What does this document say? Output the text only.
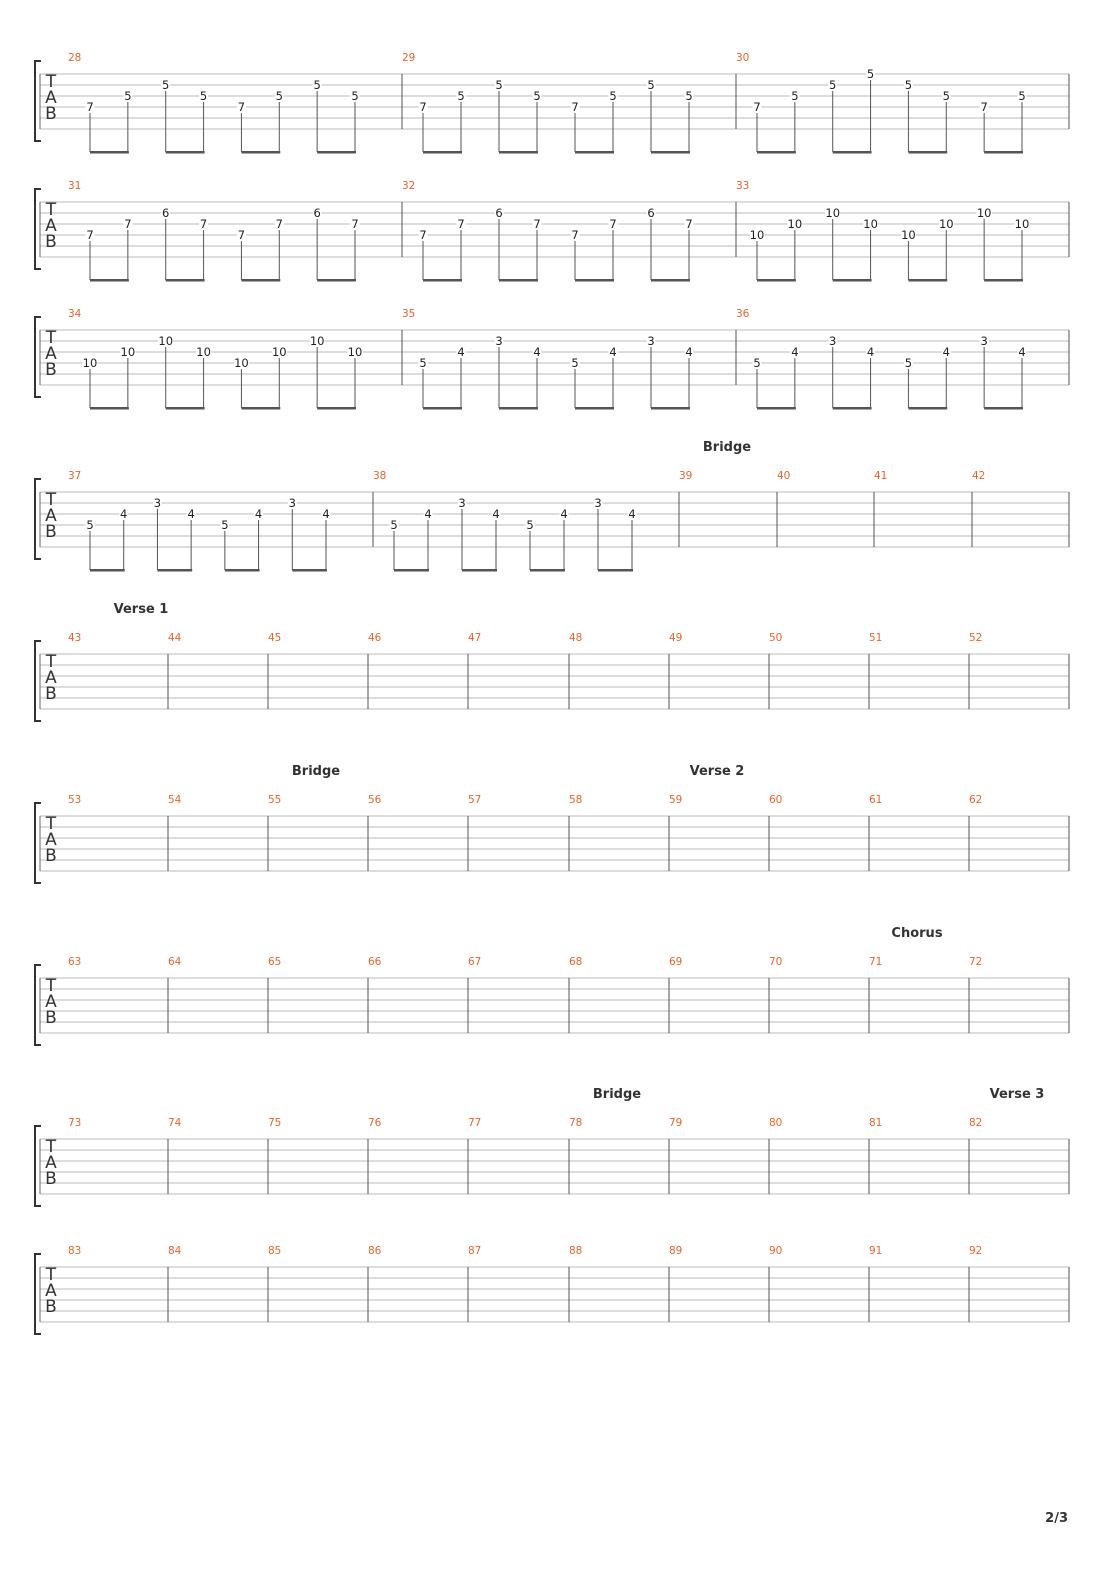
T
A
B
28
7
5
5
5
7
5
5
5
29
7
5
5
5
7
5
5
5
30
7
5
5
5
5
5
7
5
T
A
B
31
7
7
6
7
7
7
6
7
32
7
7
6
7
7
7
6
7
33
10
10
10
10
10
10
10
10
T
A
B
34
10
10
10
10
10
10
10
10
35
5
4
3
4
5
4
3
4
36
5
4
3
4
5
4
3
4
T
A
B
37
5
4
3
4
5
4
3
4
38
5
4
3
4
5
4
3
4
39
Bridge
40	41	42
T
A
B
43
Verse 1
44	45	46	47	48	49	50	51	52
T
A
B
53	54	55
Bridge
56	57	58	59
Verse 2
60	61	62
T
A
B
63	64	65	66	67	68	69	70	71
Chorus
72
T
A
B
73	74	75	76	77	78
Bridge
79	80	81	82
Verse 3
T
A
B
83	84	85	86	87	88	89	90	91	92
2/3
